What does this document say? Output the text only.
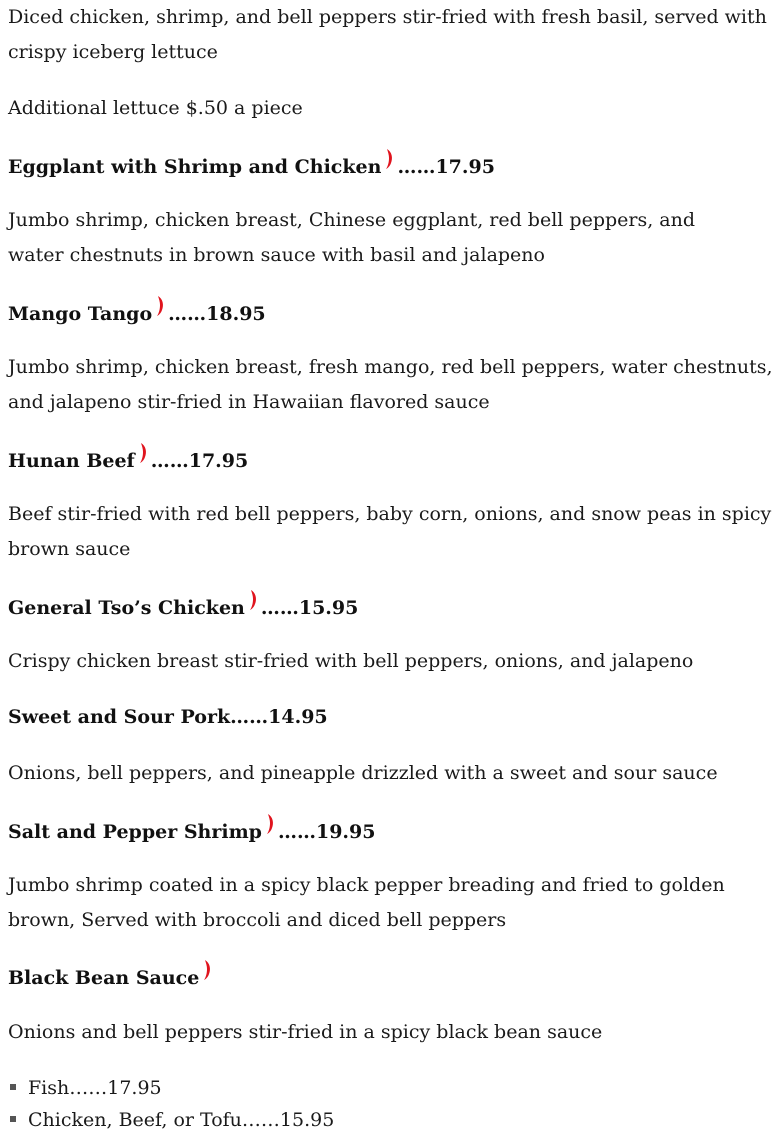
Diced chicken, shrimp, and bell peppers stir-fried with fresh basil, served with
crispy iceberg lettuce
Additional lettuce $.50 a piece
Eggplant with Shrimp and Chicken ……17.95
Jumbo shrimp, chicken breast, Chinese eggplant, red bell peppers, and
water chestnuts in brown sauce with basil and jalapeno
Mango Tango ……18.95
Jumbo shrimp, chicken breast, fresh mango, red bell peppers, water chestnuts,
and jalapeno stir-fried in Hawaiian flavored sauce
Hunan Beef ……17.95
Beef stir-fried with red bell peppers, baby corn, onions, and snow peas in spicy
brown sauce
General Tso’s Chicken ……15.95
Crispy chicken breast stir-fried with bell peppers, onions, and jalapeno
Sweet and Sour Pork……14.95
Onions, bell peppers, and pineapple drizzled with a sweet and sour sauce
Salt and Pepper Shrimp ……19.95
Jumbo shrimp coated in a spicy black pepper breading and fried to golden
brown, Served with broccoli and diced bell peppers
Black Bean Sauce
Onions and bell peppers stir-fried in a spicy black bean sauce
Fish……17.95
Chicken, Beef, or Tofu……15.95
